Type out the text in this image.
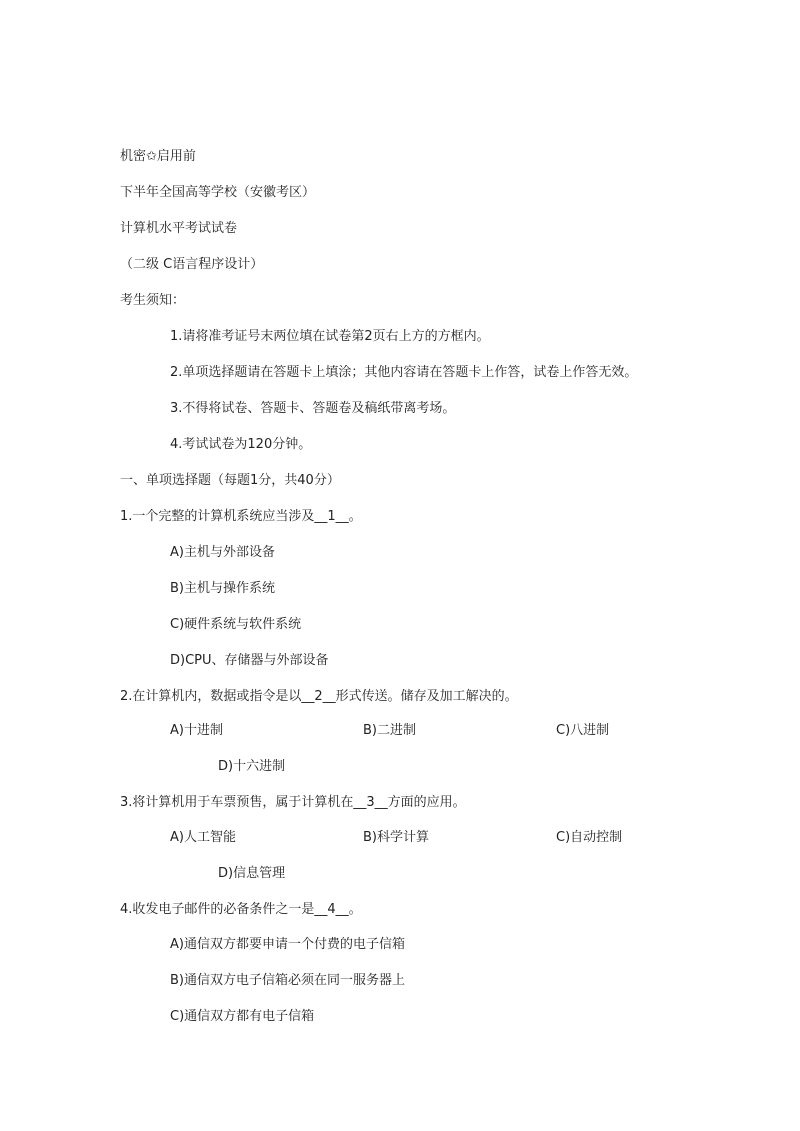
机密✩启用前
下半年全国高等学校（安徽考区）
计算机水平考试试卷
（二级 C语言程序设计）
考生须知：
1.请将准考证号末两位填在试卷第2页右上方的方框内。
2.单项选择题请在答题卡上填涂；其他内容请在答题卡上作答，试卷上作答无效。
3.不得将试卷、答题卡、答题卷及稿纸带离考场。
4.考试试卷为120分钟。
一、单项选择题（每题1分，共40分）
1.一个完整的计算机系统应当涉及__1__。
A)主机与外部设备
B)主机与操作系统
C)硬件系统与软件系统
D)CPU、存储器与外部设备
2.在计算机内，数据或指令是以__2__形式传送。储存及加工解决的。
A)十进制	B)二进制	C)八进制
D)十六进制
3.将计算机用于车票预售，属于计算机在__3__方面的应用。
A)人工智能	B)科学计算	C)自动控制
D)信息管理
4.收发电子邮件的必备条件之一是__4__。
A)通信双方都要申请一个付费的电子信箱
B)通信双方电子信箱必须在同一服务器上
C)通信双方都有电子信箱
